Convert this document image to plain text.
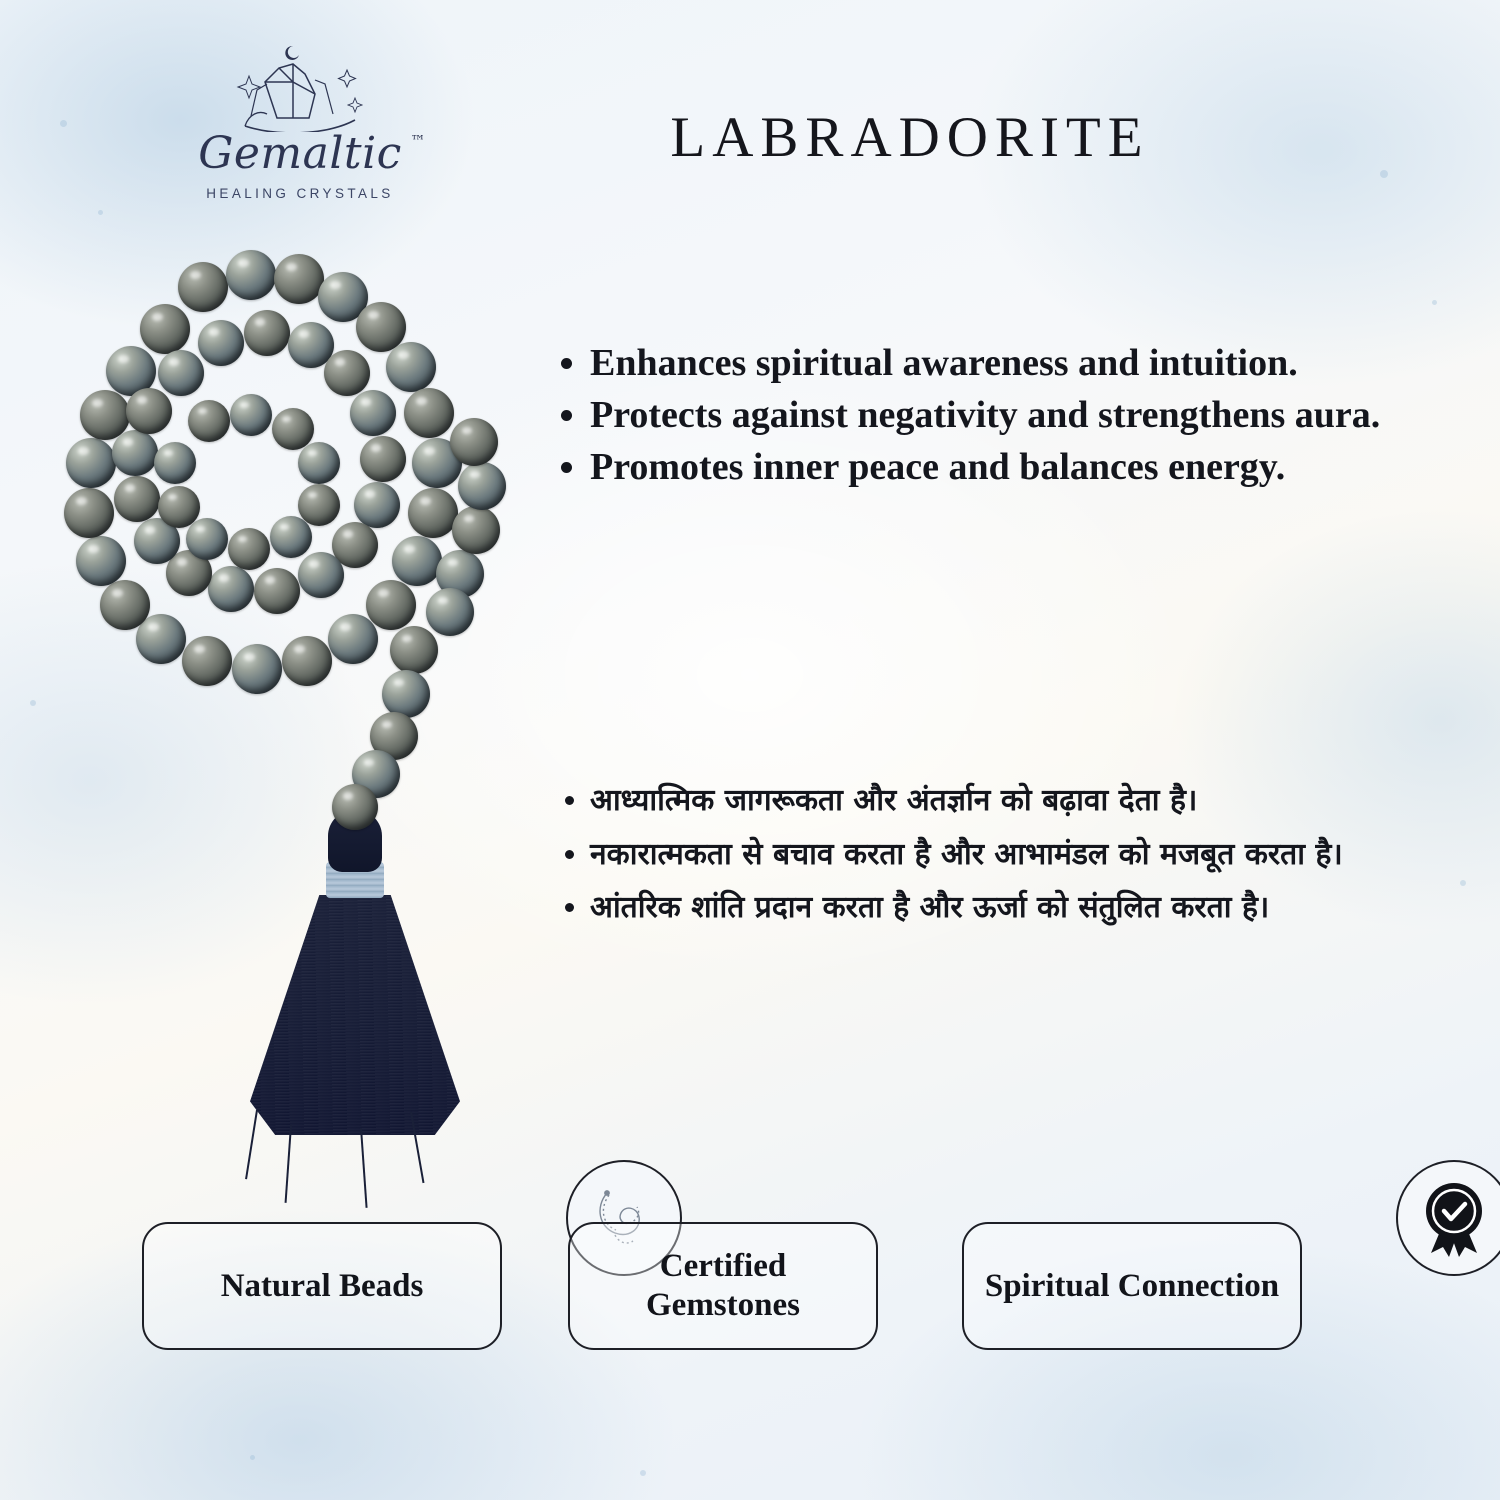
Gemaltic ™
HEALING CRYSTALS
LABRADORITE
• Enhances spiritual awareness and intuition.
• Protects against negativity and strengthens aura.
• Promotes inner peace and balances energy.
• आध्यात्मिक जागरूकता और अंतर्ज्ञान को बढ़ावा देता है।
• नकारात्मकता से बचाव करता है और आभामंडल को मजबूत करता है।
• आंतरिक शांति प्रदान करता है और ऊर्जा को संतुलित करता है।
Natural Beads
Certified Gemstones
Spiritual Connection
